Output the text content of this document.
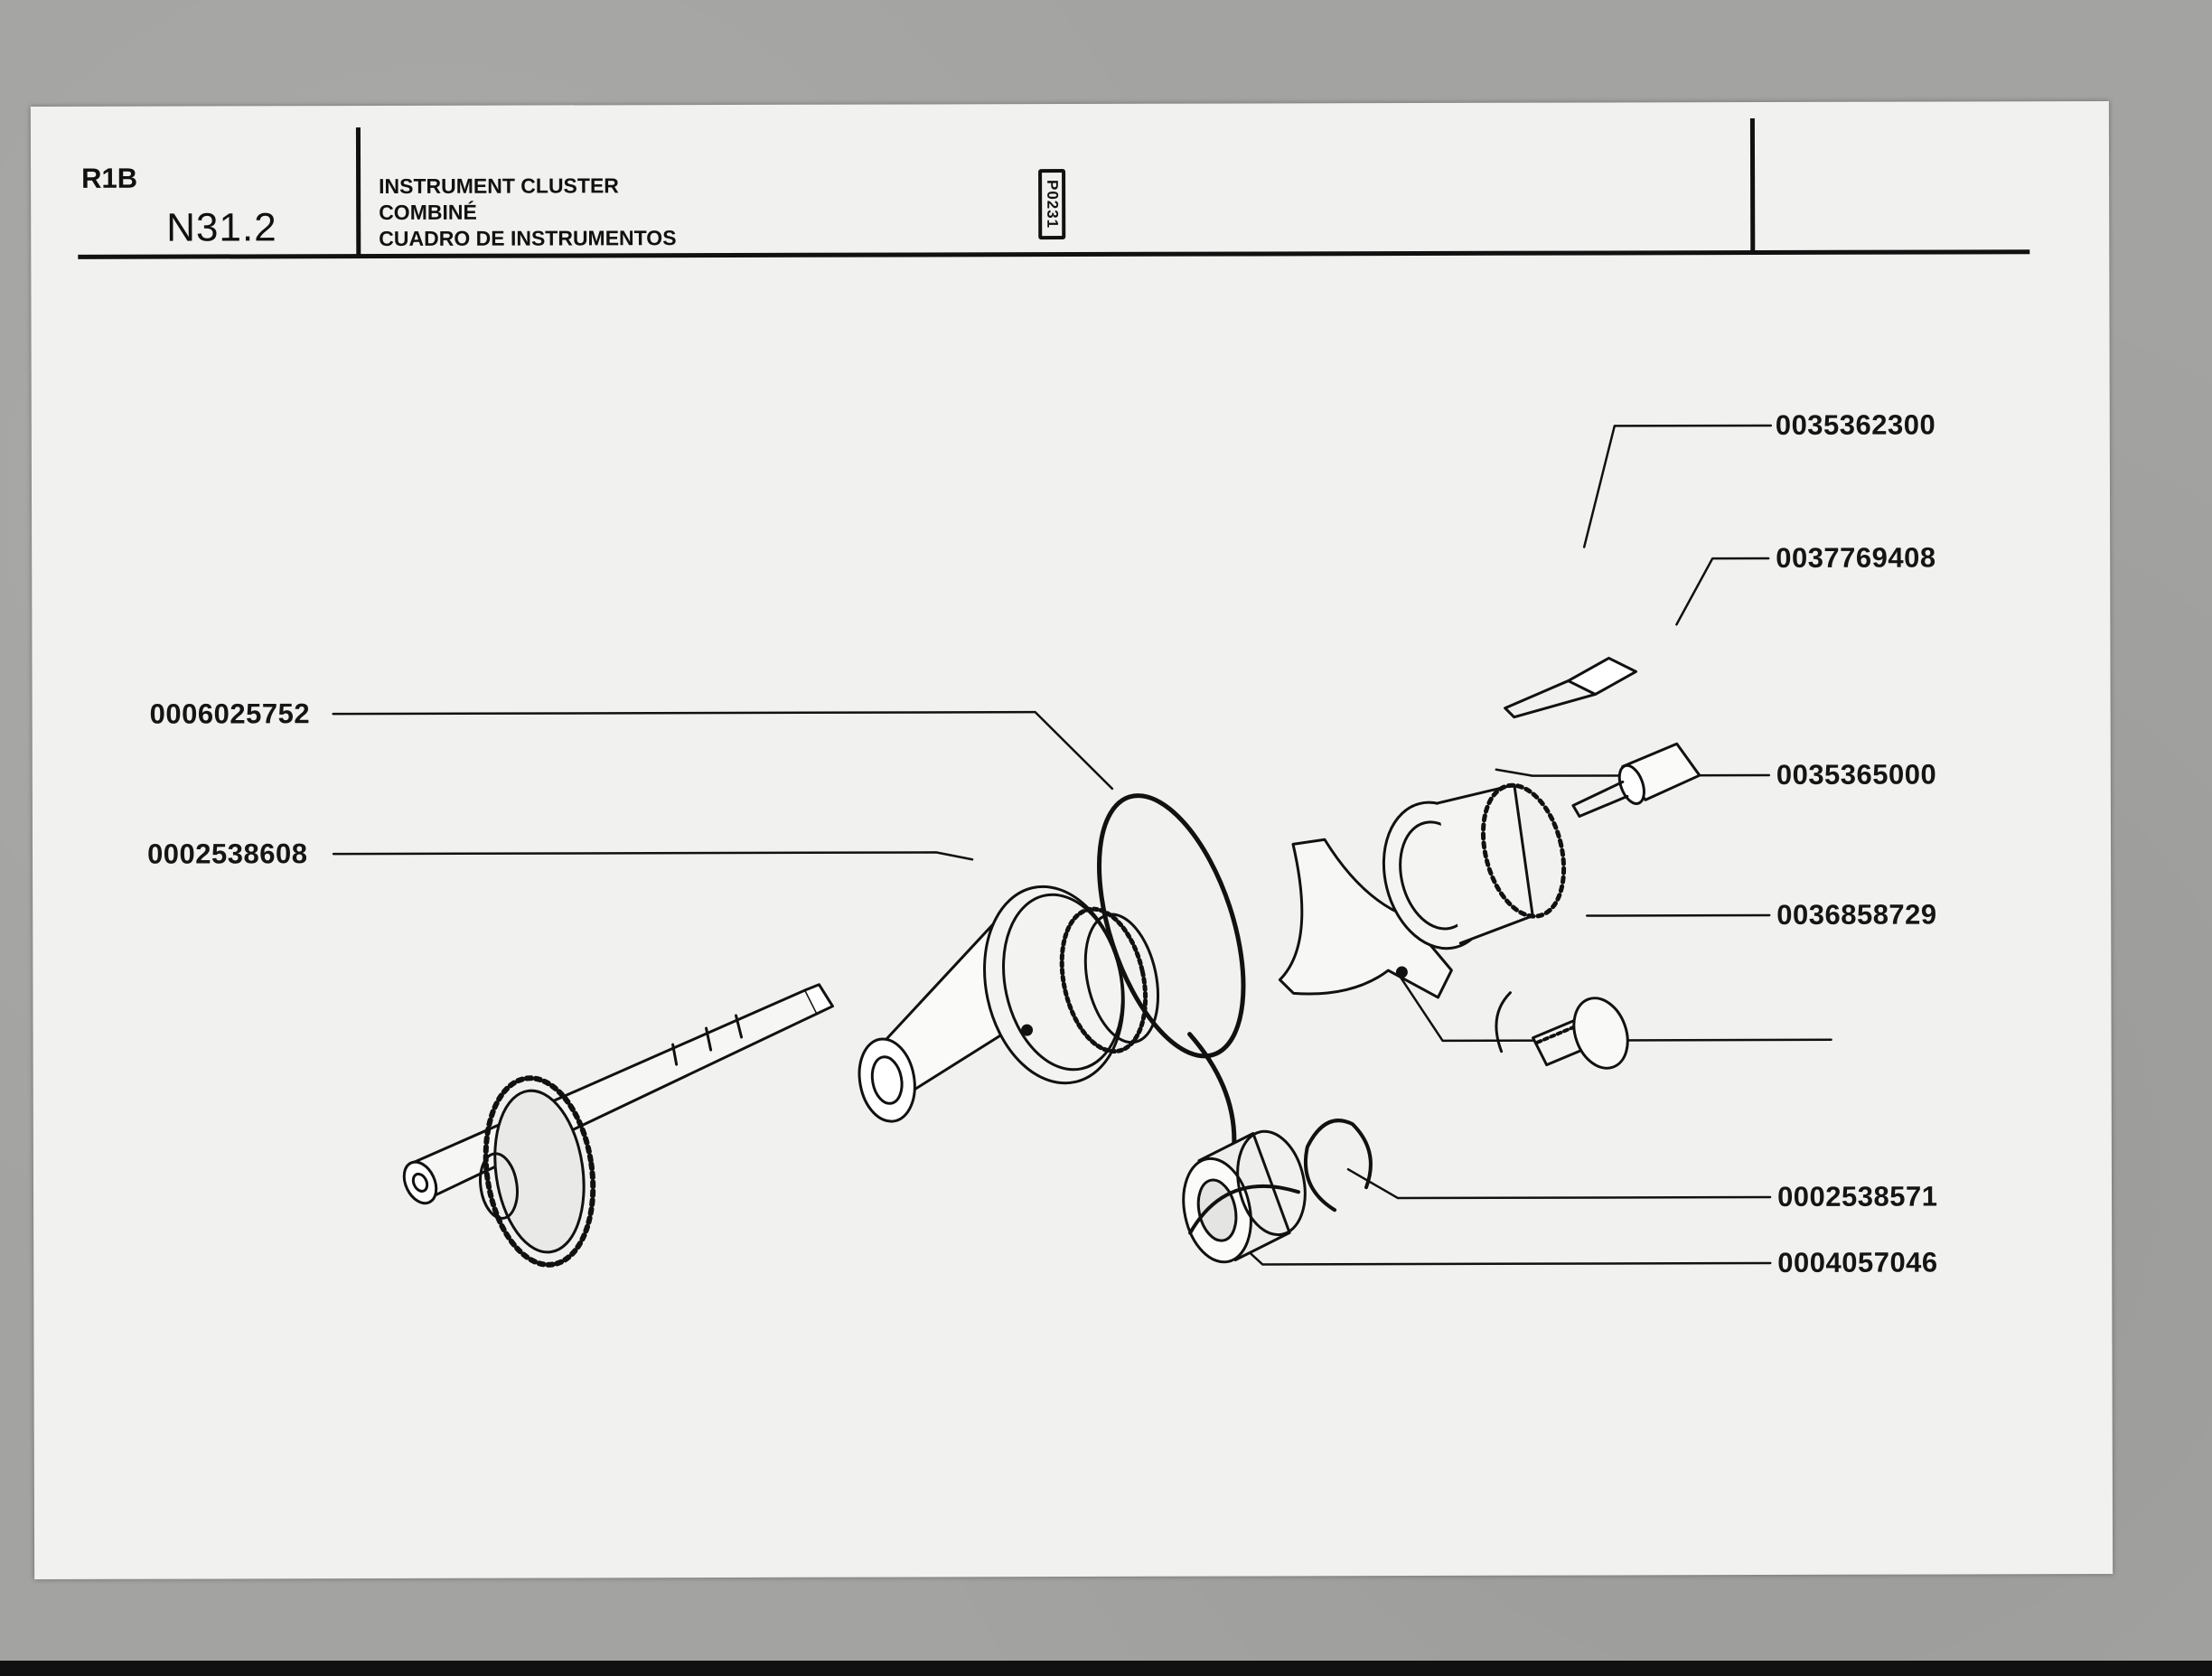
R1B
N31.2
INSTRUMENT CLUSTER
COMBINÉ
CUADRO DE INSTRUMENTOS
P0231
0035362300
0037769408
0006025752
0035365000
0002538608
0036858729
0002538571
0004057046
